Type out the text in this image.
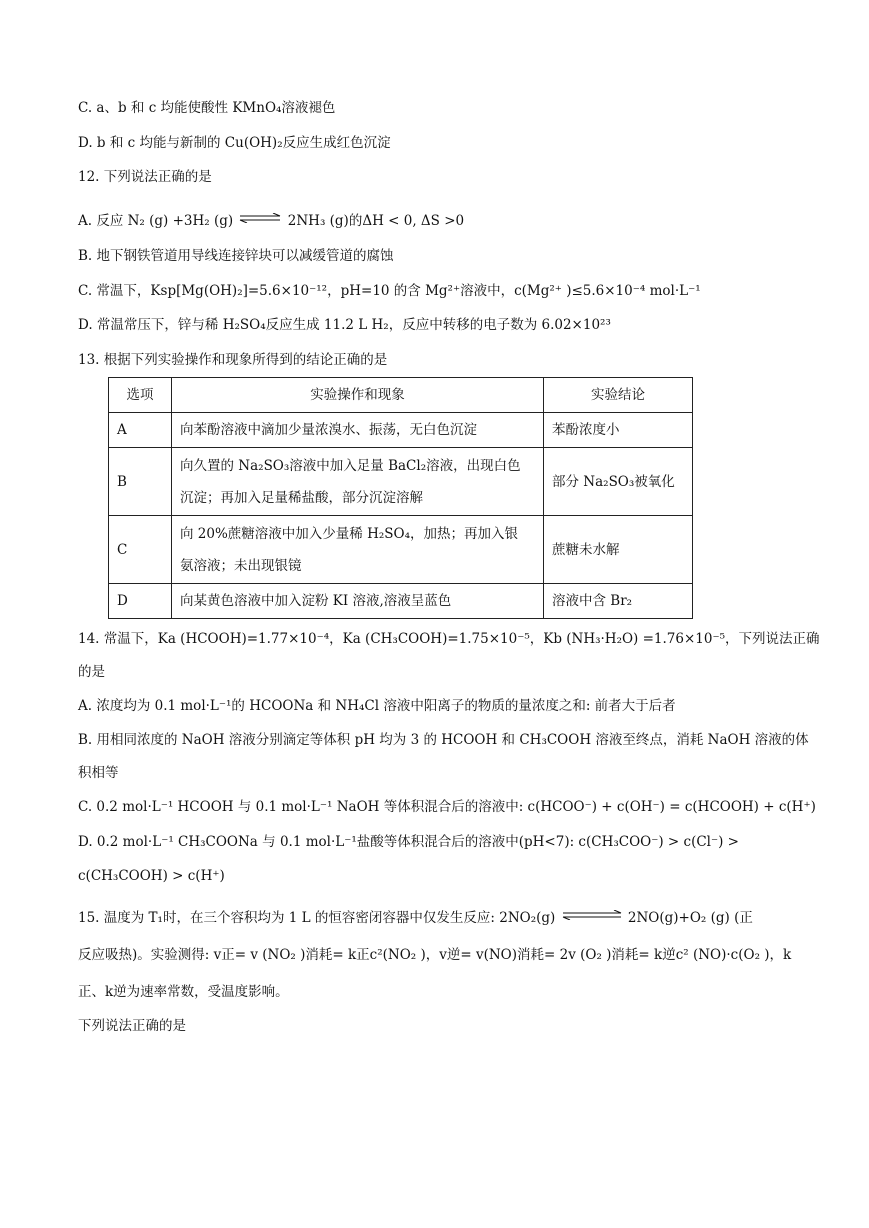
C. a、b 和 c 均能使酸性 KMnO₄溶液褪色
D. b 和 c 均能与新制的 Cu(OH)₂反应生成红色沉淀
12. 下列说法正确的是
A. 反应 N₂ (g) +3H₂ (g) ⇌ 2NH₃ (g)的ΔH < 0, ΔS >0
B. 地下钢铁管道用导线连接锌块可以减缓管道的腐蚀
C. 常温下，Ksp[Mg(OH)₂]=5.6×10⁻¹²，pH=10 的含 Mg²⁺溶液中，c(Mg²⁺ )≤5.6×10⁻⁴ mol·L⁻¹
D. 常温常压下，锌与稀 H₂SO₄反应生成 11.2 L H₂，反应中转移的电子数为 6.02×10²³
13. 根据下列实验操作和现象所得到的结论正确的是
选项	实验操作和现象	实验结论
A	向苯酚溶液中滴加少量浓溴水、振荡，无白色沉淀	苯酚浓度小
B	向久置的 Na₂SO₃溶液中加入足量 BaCl₂溶液，出现白色
沉淀；再加入足量稀盐酸，部分沉淀溶解	部分 Na₂SO₃被氧化
C	向 20%蔗糖溶液中加入少量稀 H₂SO₄，加热；再加入银
氨溶液；未出现银镜	蔗糖未水解
D	向某黄色溶液中加入淀粉 KI 溶液,溶液呈蓝色	溶液中含 Br₂
14. 常温下，Ka (HCOOH)=1.77×10⁻⁴，Ka (CH₃COOH)=1.75×10⁻⁵，Kb (NH₃·H₂O) =1.76×10⁻⁵，下列说法正确
的是
A. 浓度均为 0.1 mol·L⁻¹的 HCOONa 和 NH₄Cl 溶液中阳离子的物质的量浓度之和: 前者大于后者
B. 用相同浓度的 NaOH 溶液分别滴定等体积 pH 均为 3 的 HCOOH 和 CH₃COOH 溶液至终点，消耗 NaOH 溶液的体
积相等
C. 0.2 mol·L⁻¹ HCOOH 与 0.1 mol·L⁻¹ NaOH 等体积混合后的溶液中: c(HCOO⁻) + c(OH⁻) = c(HCOOH) + c(H⁺)
D. 0.2 mol·L⁻¹ CH₃COONa 与 0.1 mol·L⁻¹盐酸等体积混合后的溶液中(pH<7): c(CH₃COO⁻) > c(Cl⁻) >
c(CH₃COOH) > c(H⁺)
15. 温度为 T₁时，在三个容积均为 1 L 的恒容密闭容器中仅发生反应: 2NO₂(g)	2NO(g)+O₂ (g) (正
反应吸热)。实验测得: v正= v (NO₂ )消耗= k正c²(NO₂ )，v逆= v(NO)消耗= 2v (O₂ )消耗= k逆c² (NO)·c(O₂ )，k
正、k逆为速率常数，受温度影响。
下列说法正确的是
